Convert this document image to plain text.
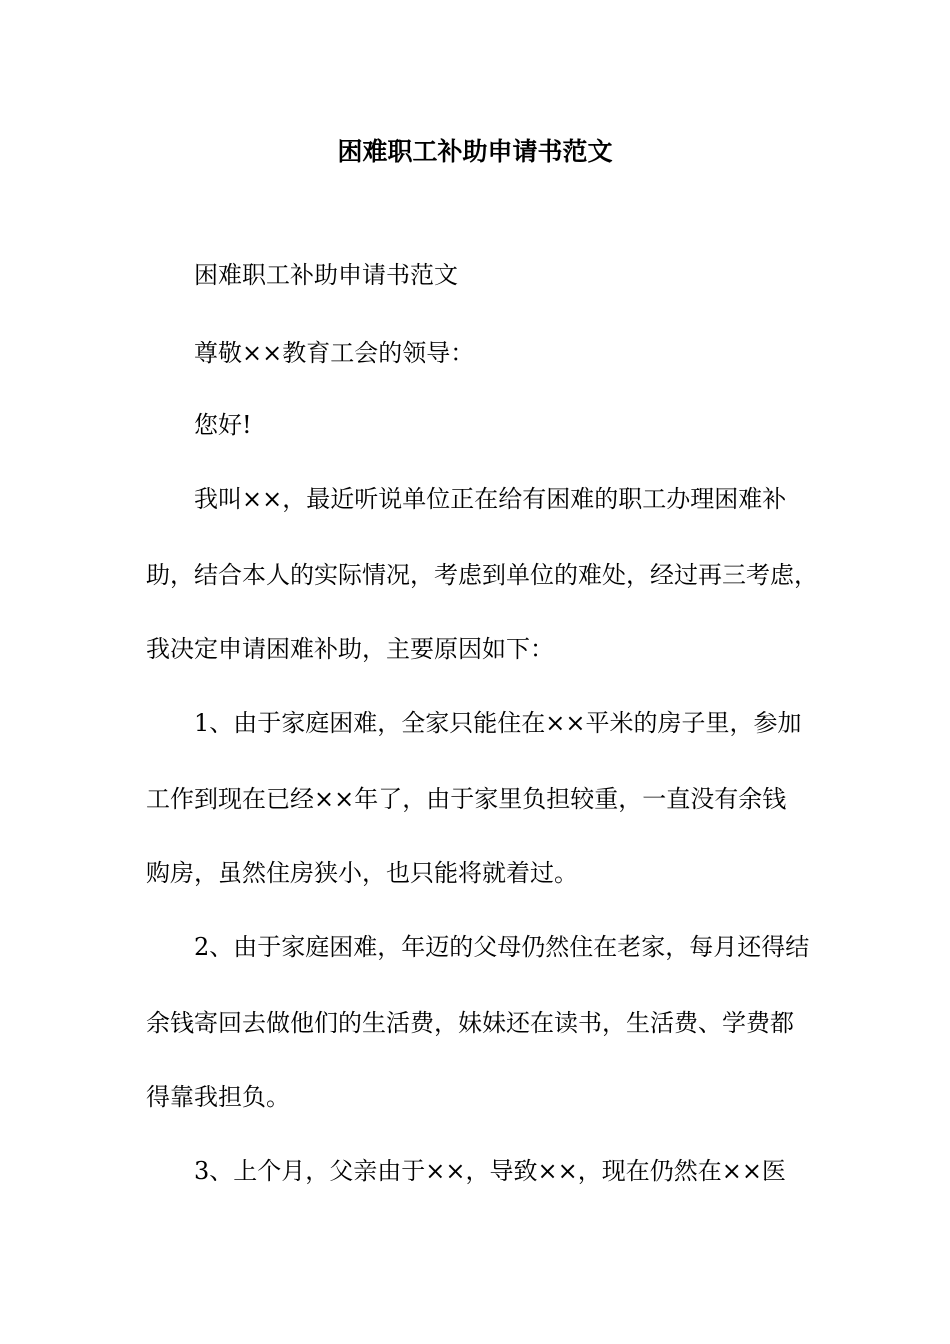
困难职工补助申请书范文
困难职工补助申请书范文
尊敬××教育工会的领导：
您好!
我叫××，最近听说单位正在给有困难的职工办理困难补
助，结合本人的实际情况，考虑到单位的难处，经过再三考虑，
我决定申请困难补助，主要原因如下：
1、由于家庭困难，全家只能住在××平米的房子里，参加
工作到现在已经××年了，由于家里负担较重，一直没有余钱
购房，虽然住房狭小，也只能将就着过。
2、由于家庭困难，年迈的父母仍然住在老家，每月还得结
余钱寄回去做他们的生活费，妹妹还在读书，生活费、学费都
得靠我担负。
3、上个月，父亲由于××，导致××，现在仍然在××医
